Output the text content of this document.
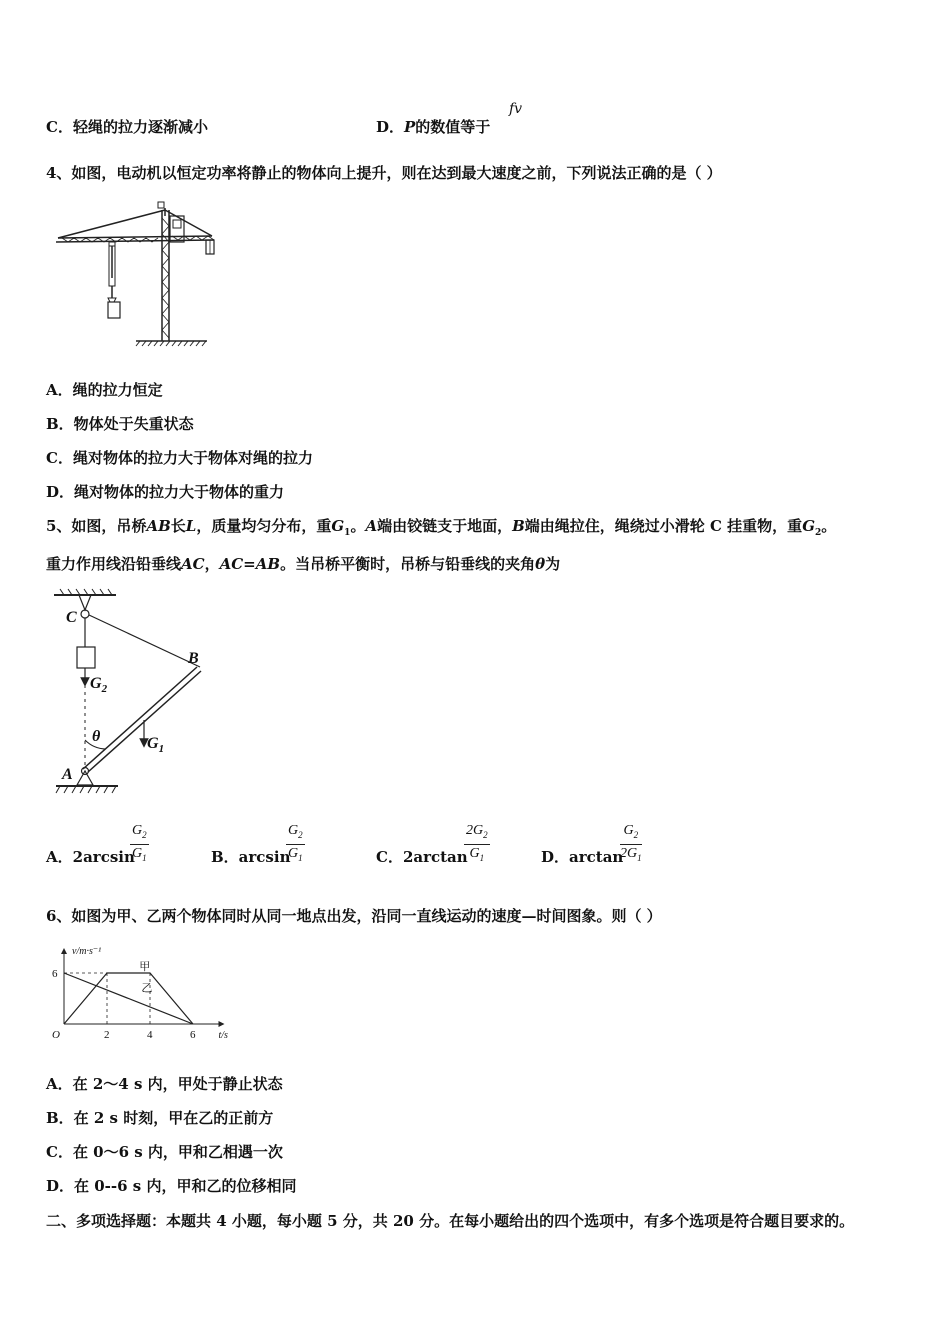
C．轻绳的拉力逐渐减小	D．P的数值等于
fv
4、如图，电动机以恒定功率将静止的物体向上提升，则在达到最大速度之前，下列说法正确的是（ ）
A．绳的拉力恒定
B．物体处于失重状态
C．绳对物体的拉力大于物体对绳的拉力
D．绳对物体的拉力大于物体的重力
5、如图，吊桥AB长L，质量均匀分布，重$G_1$。A端由铰链支于地面，B端由绳拉住，绳绕过小滑轮 C 挂重物，重$G_2$。
重力作用线沿铅垂线AC，AC=AB。当吊桥平衡时，吊桥与铅垂线的夹角θ为
C
B
A
$G_2$
$G_1$
θ
A．2arcsin
$\frac{G_2}{G_1}$	B．arcsin
$\frac{G_2}{G_1}$	C．2arctan
$\frac{2G_2}{G_1}$	D．arctan
$\frac{G_2}{2G_1}$
6、如图为甲、乙两个物体同时从同一地点出发，沿同一直线运动的速度—时间图象。则（ ）
v/m·s⁻¹
t/s
O	2	4	6
6
甲
乙
A．在 2～4 s 内，甲处于静止状态
B．在 2 s 时刻，甲在乙的正前方
C．在 0～6 s 内，甲和乙相遇一次
D．在 0--6 s 内，甲和乙的位移相同
二、多项选择题：本题共 4 小题，每小题 5 分，共 20 分。在每小题给出的四个选项中，有多个选项是符合题目要求的。
